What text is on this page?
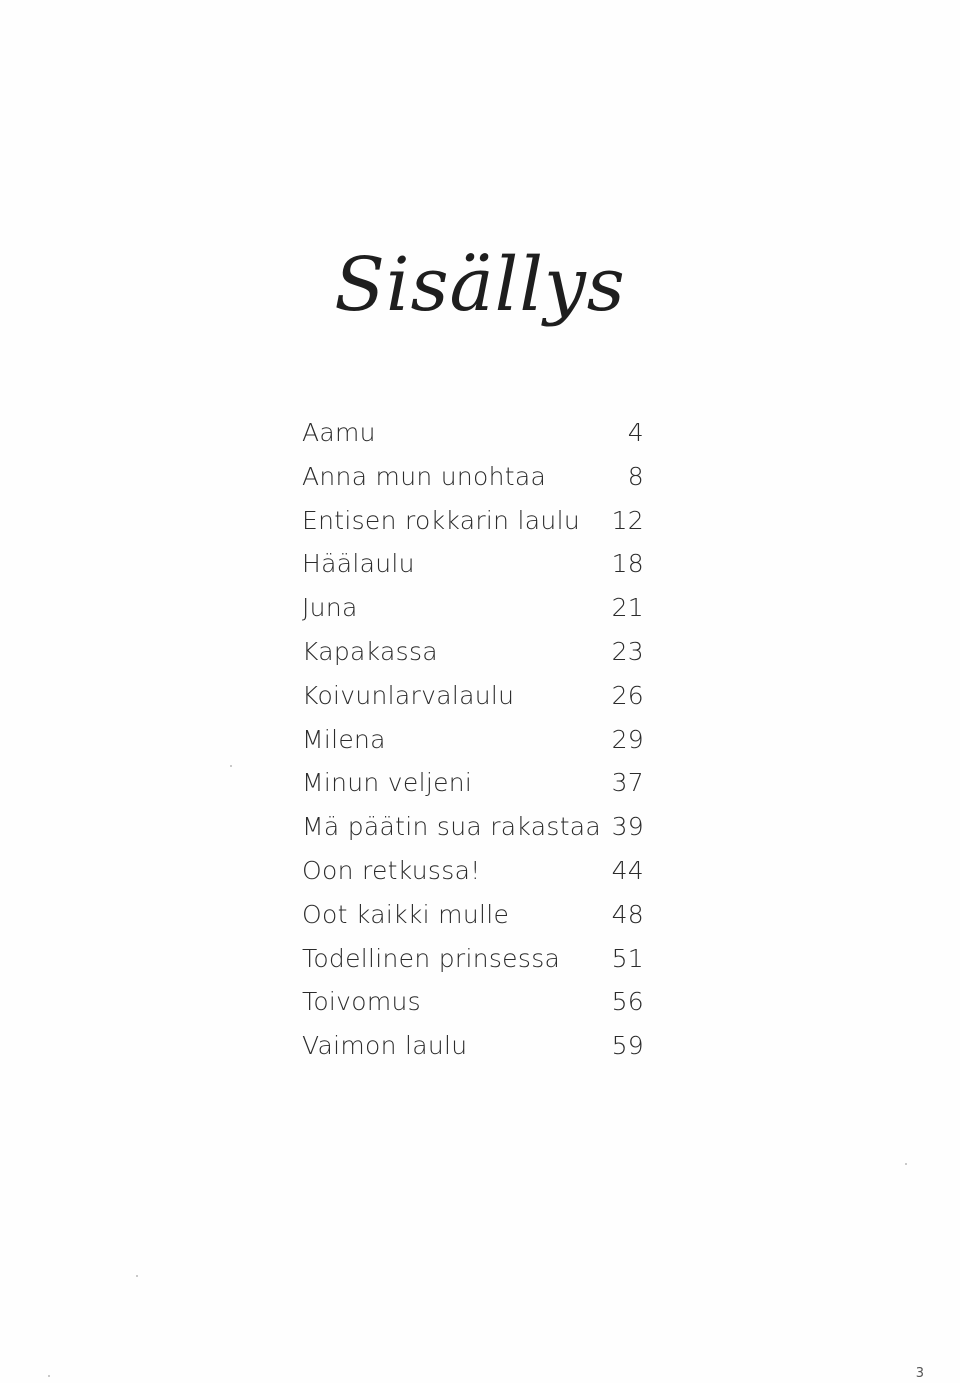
Sisällys
Aamu	4
Anna mun unohtaa	8
Entisen rokkarin laulu	12
Häälaulu	18
Juna	21
Kapakassa	23
Koivunlarvalaulu	26
Milena	29
Minun veljeni	37
Mä päätin sua rakastaa 39
Oon retkussa!	44
Oot kaikki mulle	48
Todellinen prinsessa	51
Toivomus	56
Vaimon laulu	59
3
